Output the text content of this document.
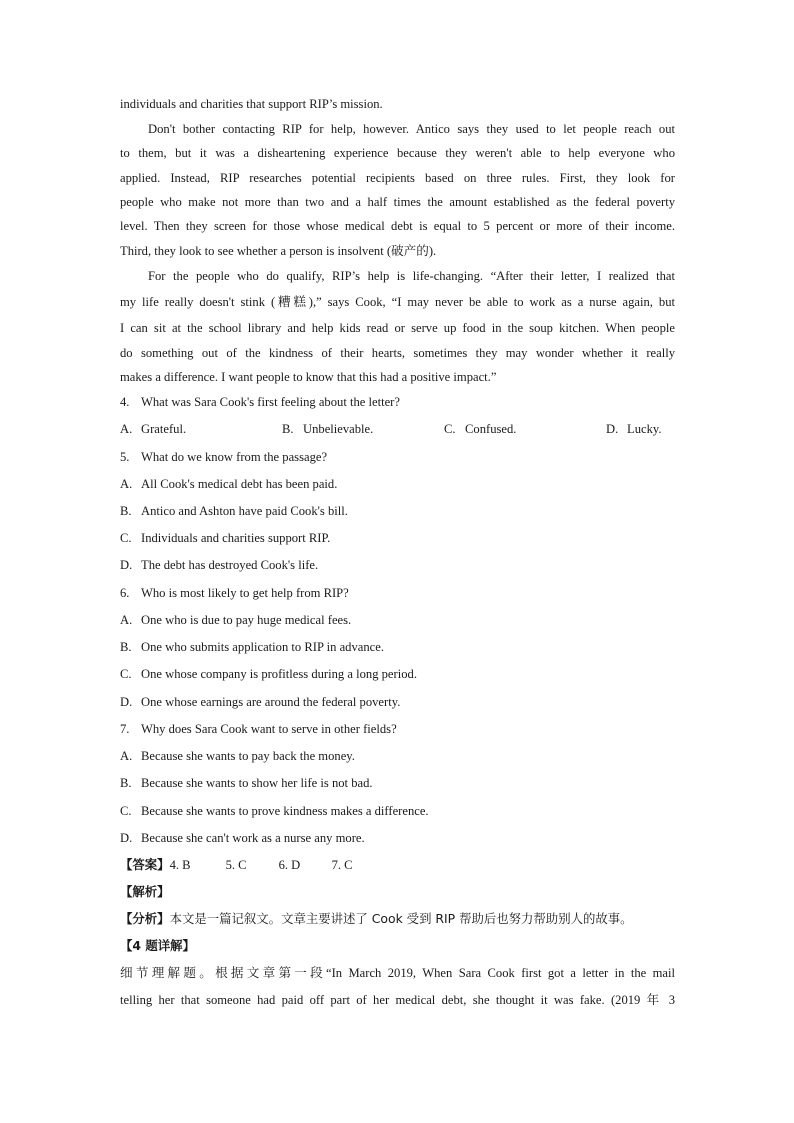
individuals and charities that support RIP’s mission.
Don't bother contacting RIP for help, however. Antico says they used to let people reach out
to them, but it was a disheartening experience because they weren't able to help everyone who
applied. Instead, RIP researches potential recipients based on three rules. First, they look for
people who make not more than two and a half times the amount established as the federal poverty
level. Then they screen for those whose medical debt is equal to 5 percent or more of their income.
Third, they look to see whether a person is insolvent (破产的).
For the people who do qualify, RIP’s help is life-changing. “After their letter, I realized that
my life really doesn't stink (糟糕),” says Cook, “I may never be able to work as a nurse again, but
I can sit at the school library and help kids read or serve up food in the soup kitchen. When people
do something out of the kindness of their hearts, sometimes they may wonder whether it really
makes a difference. I want people to know that this had a positive impact.”
4. What was Sara Cook's first feeling about the letter?
A. Grateful.	B. Unbelievable.	C. Confused.	D. Lucky.
5. What do we know from the passage?
A. All Cook's medical debt has been paid.
B. Antico and Ashton have paid Cook's bill.
C. Individuals and charities support RIP.
D. The debt has destroyed Cook's life.
6. Who is most likely to get help from RIP?
A. One who is due to pay huge medical fees.
B. One who submits application to RIP in advance.
C. One whose company is profitless during a long period.
D. One whose earnings are around the federal poverty.
7. Why does Sara Cook want to serve in other fields?
A. Because she wants to pay back the money.
B. Because she wants to show her life is not bad.
C. Because she wants to prove kindness makes a difference.
D. Because she can't work as a nurse any more.
【答案】4. B	5. C	6. D 7. C
【解析】
【分析】本文是一篇记叙文。文章主要讲述了 Cook 受到 RIP 帮助后也努力帮助别人的故事。
【4 题详解】
细节理解题。根据文章第一段“In March 2019, When Sara Cook first got a letter in the mail
telling her that someone had paid off part of her medical debt, she thought it was fake. (2019 年 3
